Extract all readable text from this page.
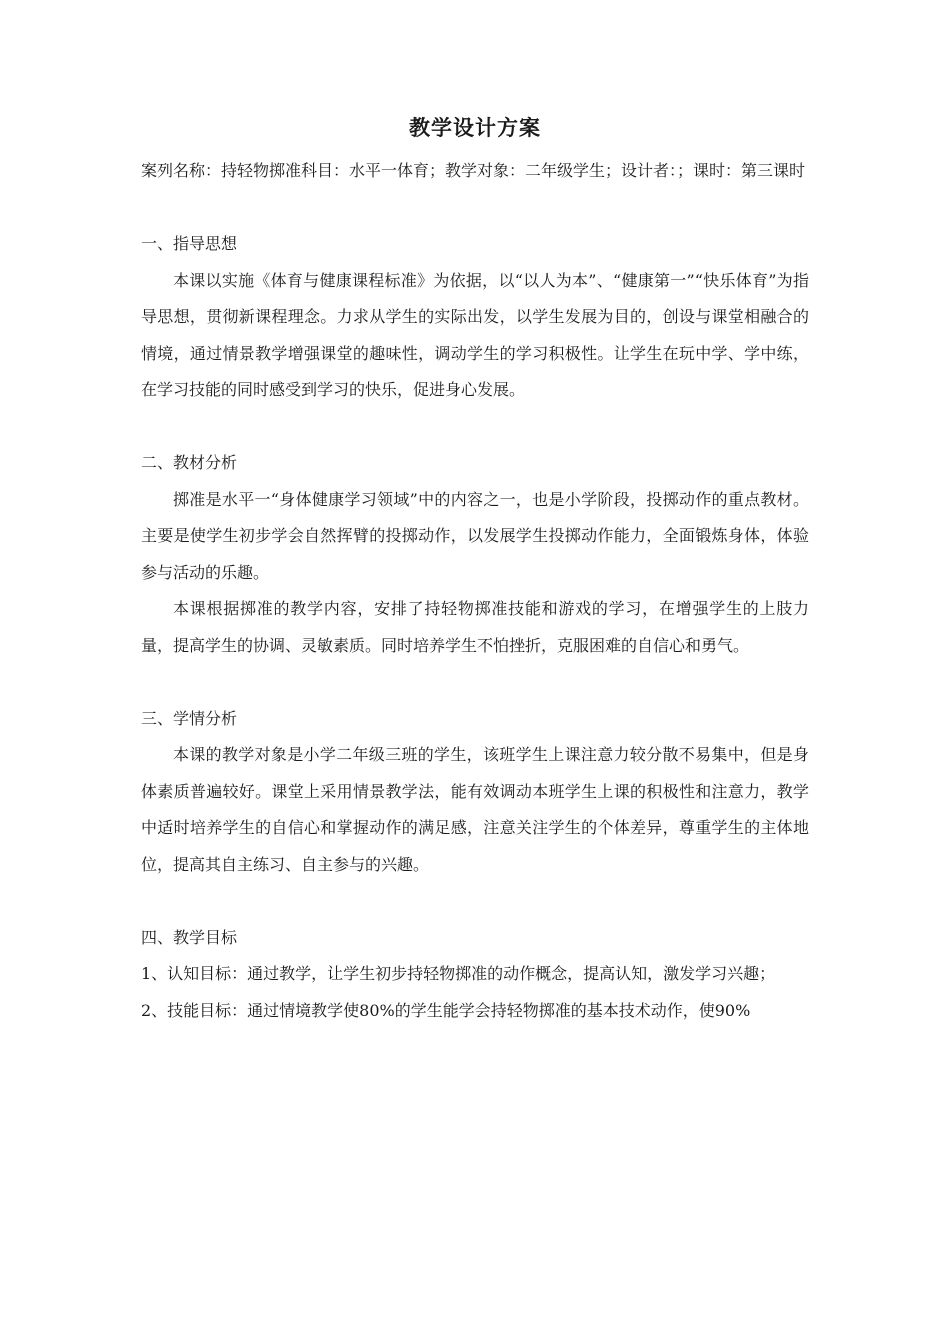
教学设计方案

案列名称：持轻物掷准科目：水平一体育；教学对象：二年级学生；设计者：；课时：第三课时

一、指导思想

本课以实施《体育与健康课程标准》为依据，以“以人为本”、“健康第一”“快乐体育”为指导思想，贯彻新课程理念。力求从学生的实际出发，以学生发展为目的，创设与课堂相融合的情境，通过情景教学增强课堂的趣味性，调动学生的学习积极性。让学生在玩中学、学中练，在学习技能的同时感受到学习的快乐，促进身心发展。

二、教材分析

掷准是水平一“身体健康学习领域”中的内容之一，也是小学阶段，投掷动作的重点教材。主要是使学生初步学会自然挥臂的投掷动作，以发展学生投掷动作能力，全面锻炼身体，体验参与活动的乐趣。

本课根据掷准的教学内容，安排了持轻物掷准技能和游戏的学习，在增强学生的上肢力量，提高学生的协调、灵敏素质。同时培养学生不怕挫折，克服困难的自信心和勇气。

三、学情分析

本课的教学对象是小学二年级三班的学生，该班学生上课注意力较分散不易集中，但是身体素质普遍较好。课堂上采用情景教学法，能有效调动本班学生上课的积极性和注意力，教学中适时培养学生的自信心和掌握动作的满足感，注意关注学生的个体差异，尊重学生的主体地位，提高其自主练习、自主参与的兴趣。

四、教学目标

1、认知目标：通过教学，让学生初步持轻物掷准的动作概念，提高认知，激发学习兴趣；

2、技能目标：通过情境教学使80%的学生能学会持轻物掷准的基本技术动作，使90%
